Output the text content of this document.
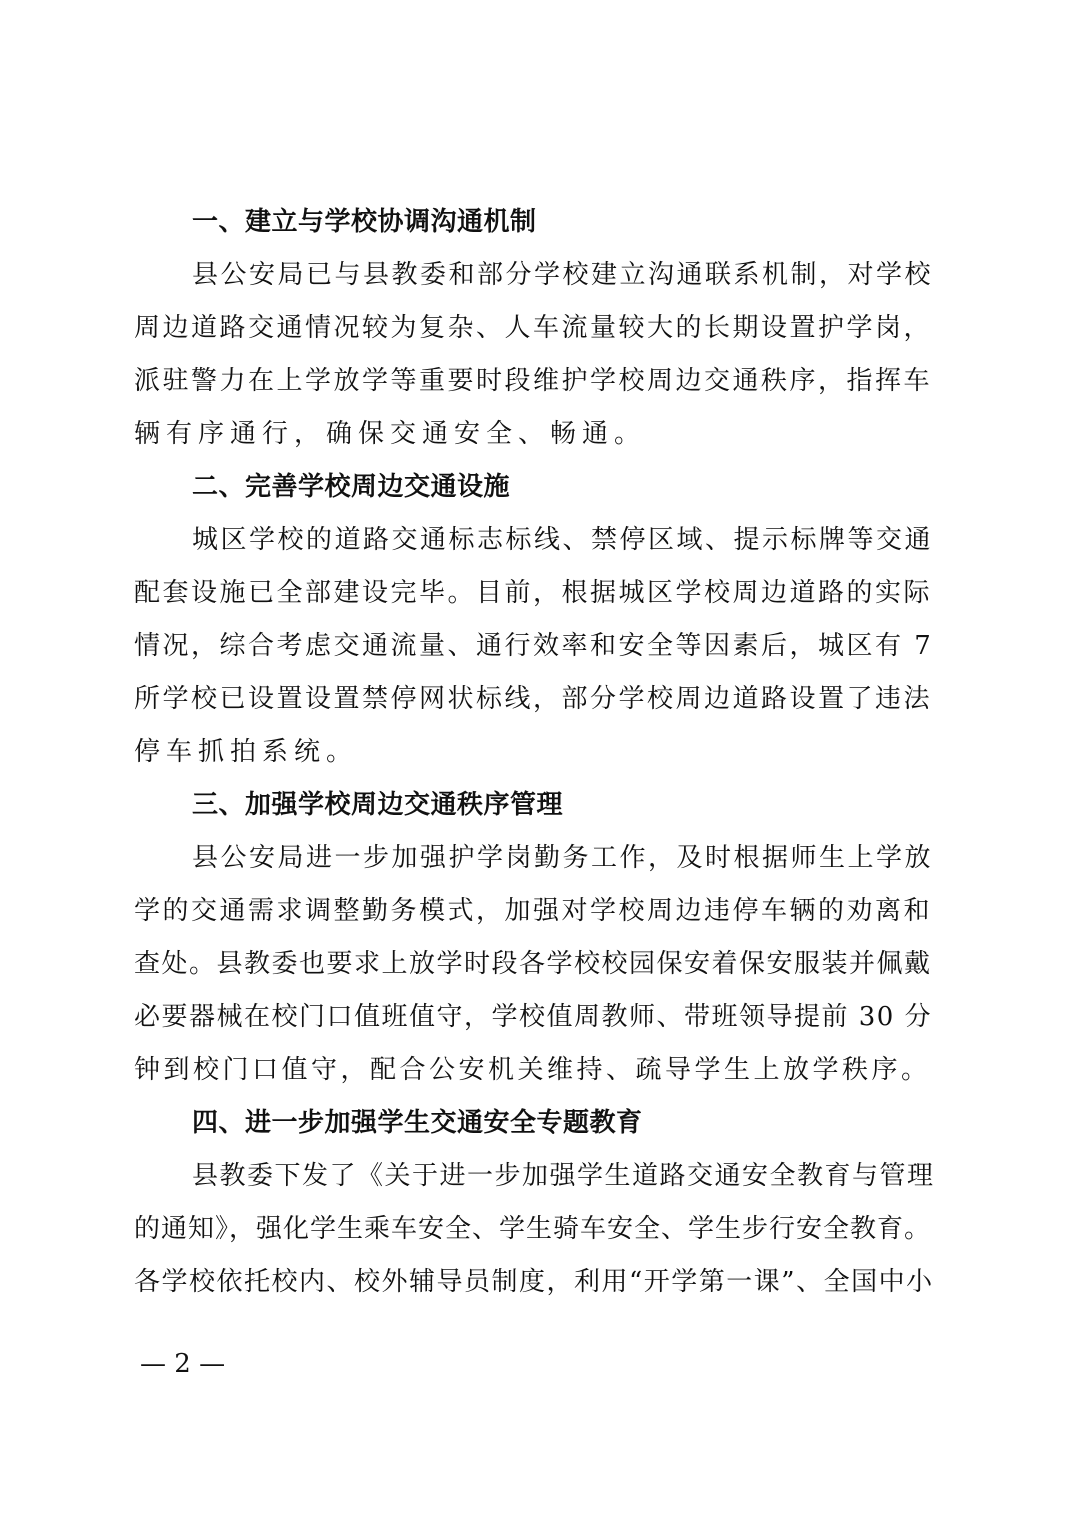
一、建立与学校协调沟通机制
县公安局已与县教委和部分学校建立沟通联系机制，对学校
周边道路交通情况较为复杂、人车流量较大的长期设置护学岗，
派驻警力在上学放学等重要时段维护学校周边交通秩序，指挥车
辆有序通行，确保交通安全、畅通。
二、完善学校周边交通设施
城区学校的道路交通标志标线、禁停区域、提示标牌等交通
配套设施已全部建设完毕。目前，根据城区学校周边道路的实际
情况，综合考虑交通流量、通行效率和安全等因素后，城区有 7
所学校已设置设置禁停网状标线，部分学校周边道路设置了违法
停车抓拍系统。
三、加强学校周边交通秩序管理
县公安局进一步加强护学岗勤务工作，及时根据师生上学放
学的交通需求调整勤务模式，加强对学校周边违停车辆的劝离和
查处。县教委也要求上放学时段各学校校园保安着保安服装并佩戴
必要器械在校门口值班值守，学校值周教师、带班领导提前 30 分
钟到校门口值守，配合公安机关维持、疏导学生上放学秩序。
四、进一步加强学生交通安全专题教育
县教委下发了《关于进一步加强学生道路交通安全教育与管理
的通知》，强化学生乘车安全、学生骑车安全、学生步行安全教育。
各学校依托校内、校外辅导员制度，利用“开学第一课”、全国中小
— 2 —
